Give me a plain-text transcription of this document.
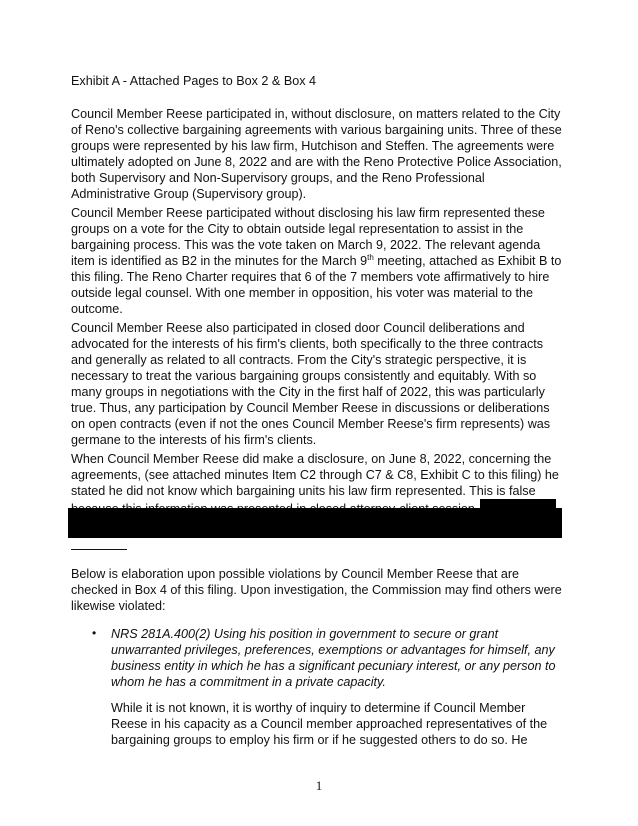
Exhibit A - Attached Pages to Box 2 & Box 4

Council Member Reese participated in, without disclosure, on matters related to the City of Reno's collective bargaining agreements with various bargaining units. Three of these groups were represented by his law firm, Hutchison and Steffen. The agreements were ultimately adopted on June 8, 2022 and are with the Reno Protective Police Association, both Supervisory and Non-Supervisory groups, and the Reno Professional Administrative Group (Supervisory group).

Council Member Reese participated without disclosing his law firm represented these groups on a vote for the City to obtain outside legal representation to assist in the bargaining process. This was the vote taken on March 9, 2022. The relevant agenda item is identified as B2 in the minutes for the March 9th meeting, attached as Exhibit B to this filing. The Reno Charter requires that 6 of the 7 members vote affirmatively to hire outside legal counsel. With one member in opposition, his voter was material to the outcome.

Council Member Reese also participated in closed door Council deliberations and advocated for the interests of his firm's clients, both specifically to the three contracts and generally as related to all contracts. From the City's strategic perspective, it is necessary to treat the various bargaining groups consistently and equitably. With so many groups in negotiations with the City in the first half of 2022, this was particularly true. Thus, any participation by Council Member Reese in discussions or deliberations on open contracts (even if not the ones Council Member Reese's firm represents) was germane to the interests of his firm's clients.

When Council Member Reese did make a disclosure, on June 8, 2022, concerning the agreements, (see attached minutes Item C2 through C7 & C8, Exhibit C to this filing) he stated he did not know which bargaining units his law firm represented. This is false

Below is elaboration upon possible violations by Council Member Reese that are checked in Box 4 of this filing. Upon investigation, the Commission may find others were likewise violated:

• NRS 281A.400(2) Using his position in government to secure or grant unwarranted privileges, preferences, exemptions or advantages for himself, any business entity in which he has a significant pecuniary interest, or any person to whom he has a commitment in a private capacity.

While it is not known, it is worthy of inquiry to determine if Council Member Reese in his capacity as a Council member approached representatives of the bargaining groups to employ his firm or if he suggested others to do so. He

1
